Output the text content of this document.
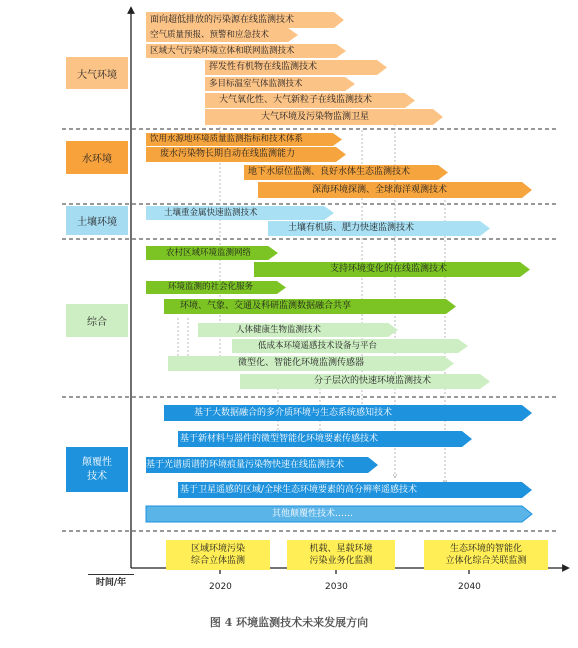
大气环境
水环境
土壤环境
综合
颠覆性
技术
面向超低排放的污染源在线监测技术
空气质量预报、预警和应急技术
区域大气污染环境立体和联网监测技术
挥发性有机物在线监测技术
多目标温室气体监测技术
大气氧化性、大气新粒子在线监测技术
大气环境及污染物监测卫星
饮用水源地环境质量监测指标和技术体系
废水污染物长期自动在线监测能力
地下水原位监测、良好水体生态监测技术
深海环境探测、全球海洋观测技术
土壤重金属快速监测技术
土壤有机质、肥力快速监测技术
农村区域环境监测网络
支持环境变化的在线监测技术
环境监测的社会化服务
环境、气象、交通及科研监测数据融合共享
人体健康生物监测技术
低成本环境遥感技术设备与平台
微型化、智能化环境监测传感器
分子层次的快速环境监测技术
基于大数据融合的多介质环境与生态系统感知技术
基于新材料与器件的微型智能化环境要素传感技术
基于光谱质谱的环境痕量污染物快速在线监测技术
基于卫星遥感的区域/全球生态环境要素的高分辨率遥感技术
其他颠覆性技术……
区域环境污染
综合立体监测
机载、星载环境
污染业务化监测
生态环境的智能化
立体化综合关联监测
时间/年	2020	2030	2040
图 4 环境监测技术未来发展方向
